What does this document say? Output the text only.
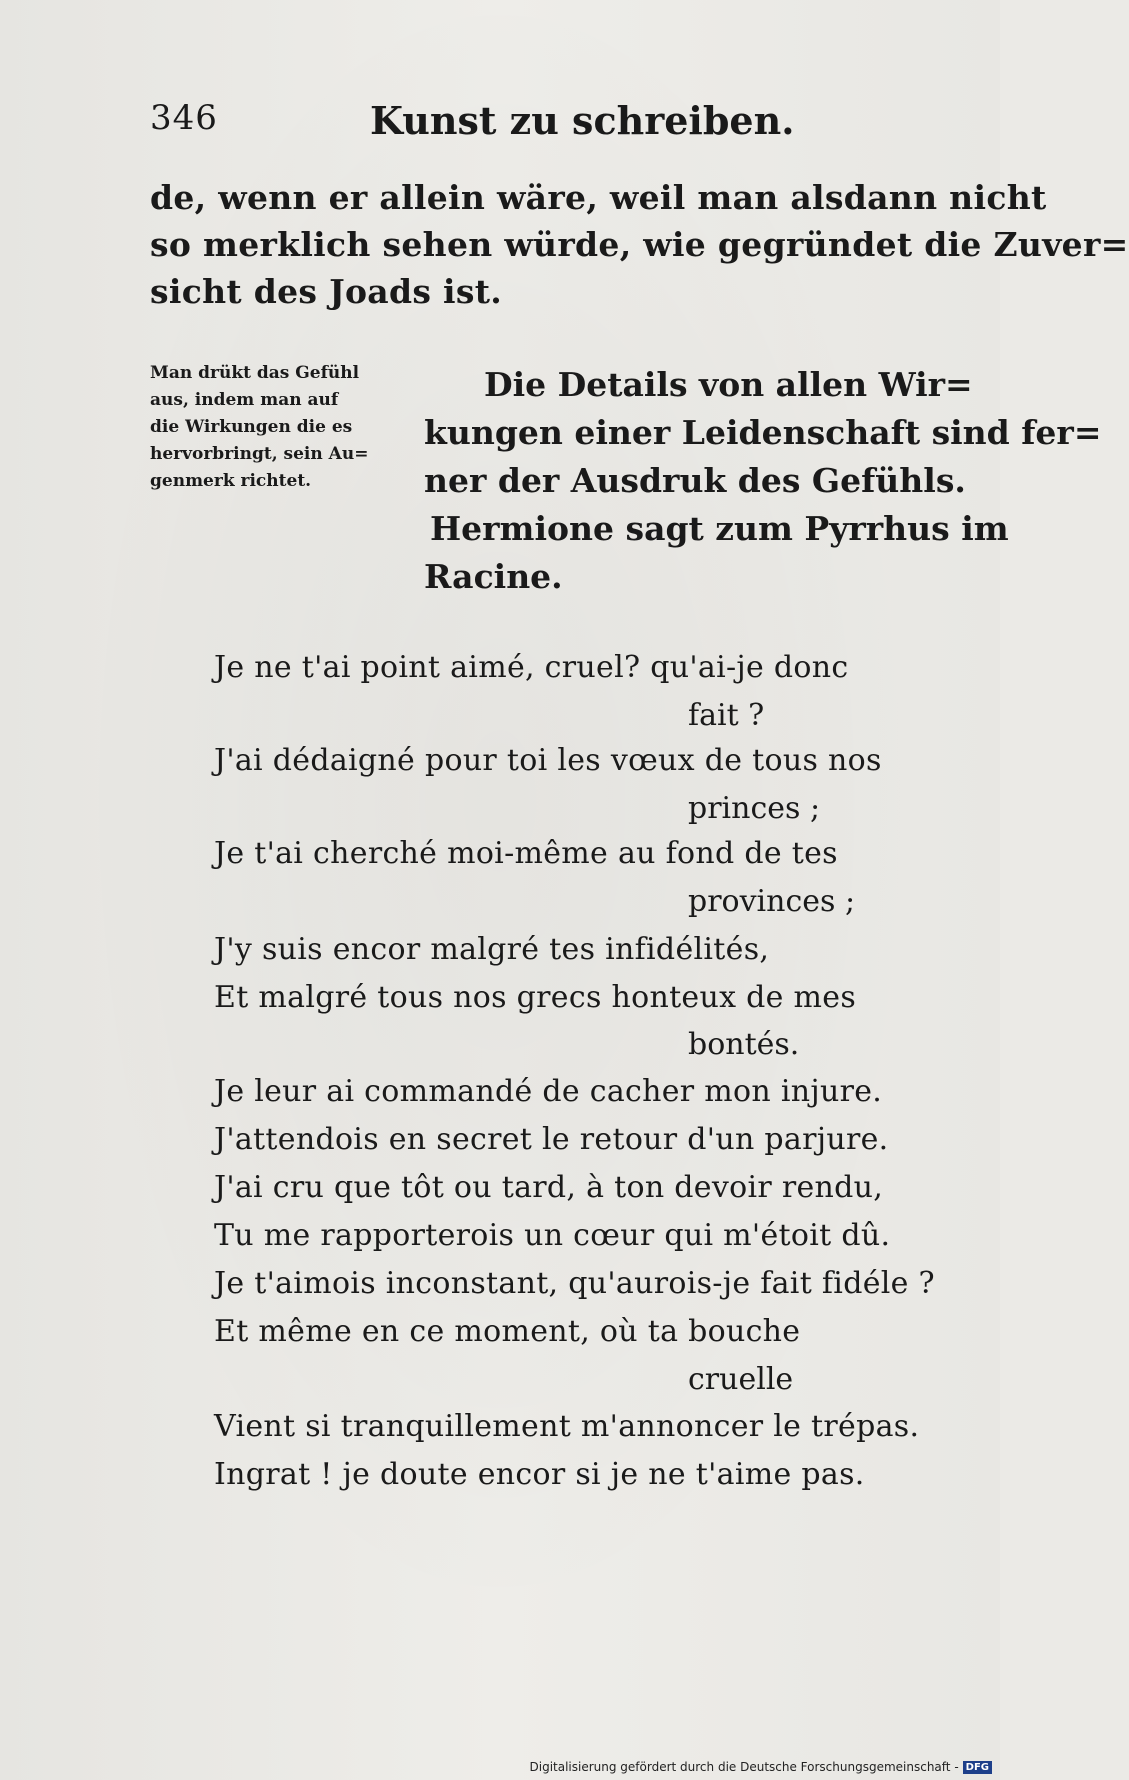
346	Kunst zu schreiben.
de, wenn er allein wäre, weil man alsdann nicht
so merklich sehen würde, wie gegründet die Zuver=
sicht des Joads ist.
Man drükt das Gefühl
aus, indem man auf
die Wirkungen die es
hervorbringt, sein Au=
genmerk richtet.
Die Details von allen Wir=
kungen einer Leidenschaft sind fer=
ner der Ausdruk des Gefühls.
Hermione sagt zum Pyrrhus im
Racine.
Je ne t'ai point aimé, cruel? qu'ai-je donc
fait ?
J'ai dédaigné pour toi les vœux de tous nos
princes ;
Je t'ai cherché moi-même au fond de tes
provinces ;
J'y suis encor malgré tes infidélités,
Et malgré tous nos grecs honteux de mes
bontés.
Je leur ai commandé de cacher mon injure.
J'attendois en secret le retour d'un parjure.
J'ai cru que tôt ou tard, à ton devoir rendu,
Tu me rapporterois un cœur qui m'étoit dû.
Je t'aimois inconstant, qu'aurois-je fait fidéle ?
Et même en ce moment, où ta bouche
cruelle
Vient si tranquillement m'annoncer le trépas.
Ingrat ! je doute encor si je ne t'aime pas.
Digitalisierung gefördert durch die Deutsche Forschungsgemeinschaft - DFG
